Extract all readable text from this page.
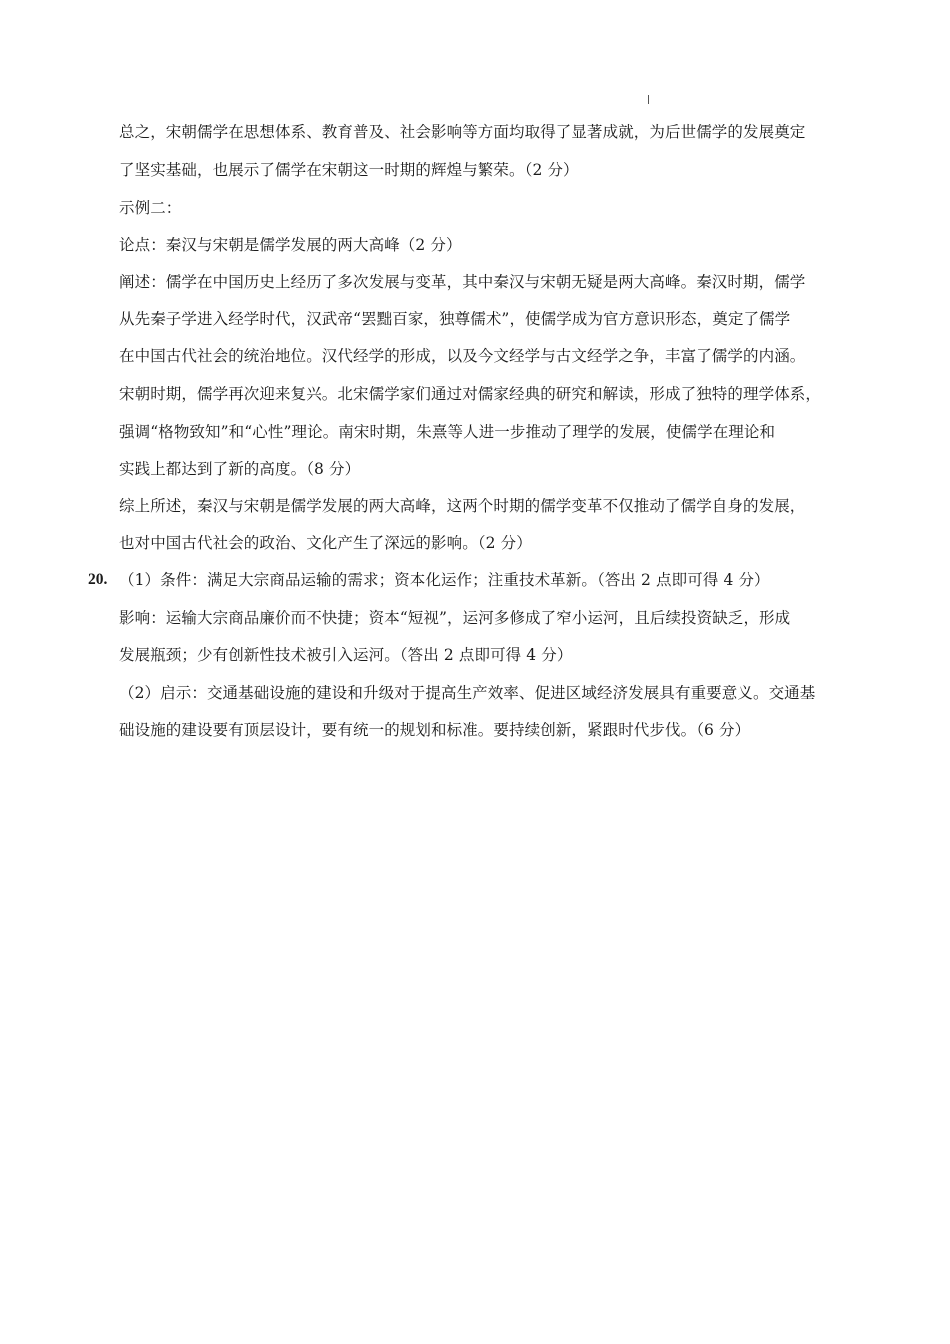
总之，宋朝儒学在思想体系、教育普及、社会影响等方面均取得了显著成就，为后世儒学的发展奠定
了坚实基础，也展示了儒学在宋朝这一时期的辉煌与繁荣。（2 分）
示例二：
论点：秦汉与宋朝是儒学发展的两大高峰（2 分）
阐述：儒学在中国历史上经历了多次发展与变革，其中秦汉与宋朝无疑是两大高峰。秦汉时期，儒学
从先秦子学进入经学时代，汉武帝“罢黜百家，独尊儒术”，使儒学成为官方意识形态，奠定了儒学
在中国古代社会的统治地位。汉代经学的形成，以及今文经学与古文经学之争，丰富了儒学的内涵。
宋朝时期，儒学再次迎来复兴。北宋儒学家们通过对儒家经典的研究和解读，形成了独特的理学体系，
强调“格物致知”和“心性”理论。南宋时期，朱熹等人进一步推动了理学的发展，使儒学在理论和
实践上都达到了新的高度。（8 分）
综上所述，秦汉与宋朝是儒学发展的两大高峰，这两个时期的儒学变革不仅推动了儒学自身的发展，
也对中国古代社会的政治、文化产生了深远的影响。（2 分）
20. （1）条件：满足大宗商品运输的需求；资本化运作；注重技术革新。（答出 2 点即可得 4 分）
影响：运输大宗商品廉价而不快捷；资本“短视”，运河多修成了窄小运河，且后续投资缺乏，形成
发展瓶颈；少有创新性技术被引入运河。（答出 2 点即可得 4 分）
（2）启示：交通基础设施的建设和升级对于提高生产效率、促进区域经济发展具有重要意义。交通基
础设施的建设要有顶层设计，要有统一的规划和标准。要持续创新，紧跟时代步伐。（6 分）
